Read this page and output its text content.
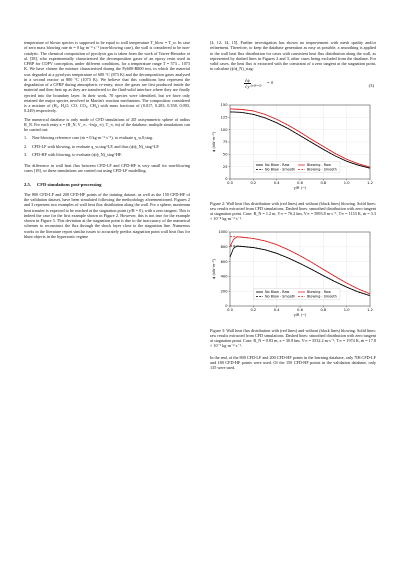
temperature of blown species is supposed to be equal to wall temperature T_blow = T_w. In case of zero mass blowing rate ṁ = 0 kg·m⁻²·s⁻¹ (non-blowing case), the wall is considered to be non-catalytic. The chemical composition of pyrolysis gas is taken from the work of Torres-Herrador et al. [38], who experimentally characterised the decomposition gases of an epoxy resin used in CFRP for COPV conception, under different conditions, for a temperature range T = 573 – 1073 K. We have chosen the mixture characterised during the Py600-R800 test, in which the material was degraded at a pyrolysis temperature of 600 °C (873 K) and the decomposition gases analysed in a second reactor at 800 °C (1073 K). We believe that this conditions best represent the degradation of a CFRP during atmospheric re-entry, since the gases are first produced inside the material and then heat up as they are transferred to the fluid-solid interface where they are finally ejected into the boundary layer. In their work, 70 species were identified, but we have only retained the major species involved in Martin's reaction mechanism. The composition considered is a mixture of (H₂, H₂O, CO, CO₂, CH₄) with mass fractions of (0.017, 0.283, 0.358, 0.093, 0.249) respectively.

The numerical database is only made of CFD simulations of 2D axisymmetric sphere of radius R_N. For each entry x = (R_N, V_∞, −ln(ρ_∞), T_∞, ṁ) of the database, multiple simulations can be carried out:

1. Non-blowing reference case (ṁ = 0 kg·m⁻²·s⁻¹), to evaluate q_w,0,stag.
2. CFD-LF with blowing, to evaluate q_w,stag^LF, and thus (ϕ/ϕ_N)_stag^LF.
3. CFD-HF with blowing, to evaluate (ϕ/ϕ_N)_stag^HF.

The difference in wall heat flux between CFD-LF and CFD-HF is very small for non-blowing cases [18], so these simulations are carried out using CFD-LF modelling.

2.5. CFD simulations post-processing

The 800 CFD-LF and 200 CFD-HF points of the training dataset, as well as the 150 CFD-HF of the validation dataset, have been simulated following the methodology aforementioned. Figures 2 and 3 represent two examples of wall heat flux distribution along the wall. For a sphere, maximum heat transfer is expected to be reached at the stagnation point (y/R = 0), with a zero tangent. This is indeed the case for the first example shown in Figure 2. However, this is not true for the example shown in Figure 3. This deviation at the stagnation point is due to the inaccuracy of the numerical schemes to reconstruct the flux through the shock layer close to the stagnation line. Numerous works in the literature report similar issues to accurately predict stagnation point wall heat flux for blunt objects in the hypersonic regime

[4, 12, 14, 15]. Further investigation has shown no improvement with mesh quality and/or refinement. Therefore, to keep the database generation as easy as possible, a smoothing is applied to the wall heat flux distribution for cases with consistent heat flux distribution along the wall, as represented by dashed lines in Figures 2 and 3, other cases being excluded from the database. For valid cases, the heat flux is extracted with the constraint of a zero tangent at the stagnation point, to calculate (ϕ/ϕ_N)_stag:

$\frac{\partial\phi}{\partial y} _{(y/R=0)} = 0$	(3)
0
25
50
75
100
125
150
0.0	0.2	0.4	0.6	0.8	1.0	1.2
y/R (−)
ϕ (kW·m⁻²)
No Blow - Raw
No Blow - Smooth
Blowing - Raw
Blowing - Smooth

Figure 2: Wall heat flux distribution with (red lines) and without (black lines) blowing. Solid lines: raw results extracted from CFD simulations. Dashed lines: smoothed distribution with zero tangent at stagnation point. Case: R_N = 1.2 m, V∞ = 76.2 km, V∞ = 5993.8 m·s⁻¹, T∞ = 1153 K, ṁ = 3.3 × 10⁻⁴ kg·m⁻²·s⁻¹.

0
200
400
600
800
1000
0.0	0.2	0.4	0.6	0.8	1.0	1.2
y/R (−)
ϕ (kW·m⁻²)
No Blow - Raw
No Blow - Smooth
Blowing - Raw
Blowing - Smooth

Figure 3: Wall heat flux distribution with (red lines) and without (black lines) blowing. Solid lines: raw results extracted from CFD simulations. Dashed lines: smoothed distribution with zero tangent at stagnation point. Case: R_N = 0.83 m, z = 30.9 km, V∞ = 3532.2 m·s⁻¹, T∞ = 1974 K, ṁ = 17.8 × 10⁻³ kg·m⁻²·s⁻¹.

In the end, of the 800 CFD-LF and 200 CFD-HF points in the learning database, only 708 CFD-LF and 180 CFD-HF points were used. Of the 150 CFD-HF points in the validation database, only 135 were used.
